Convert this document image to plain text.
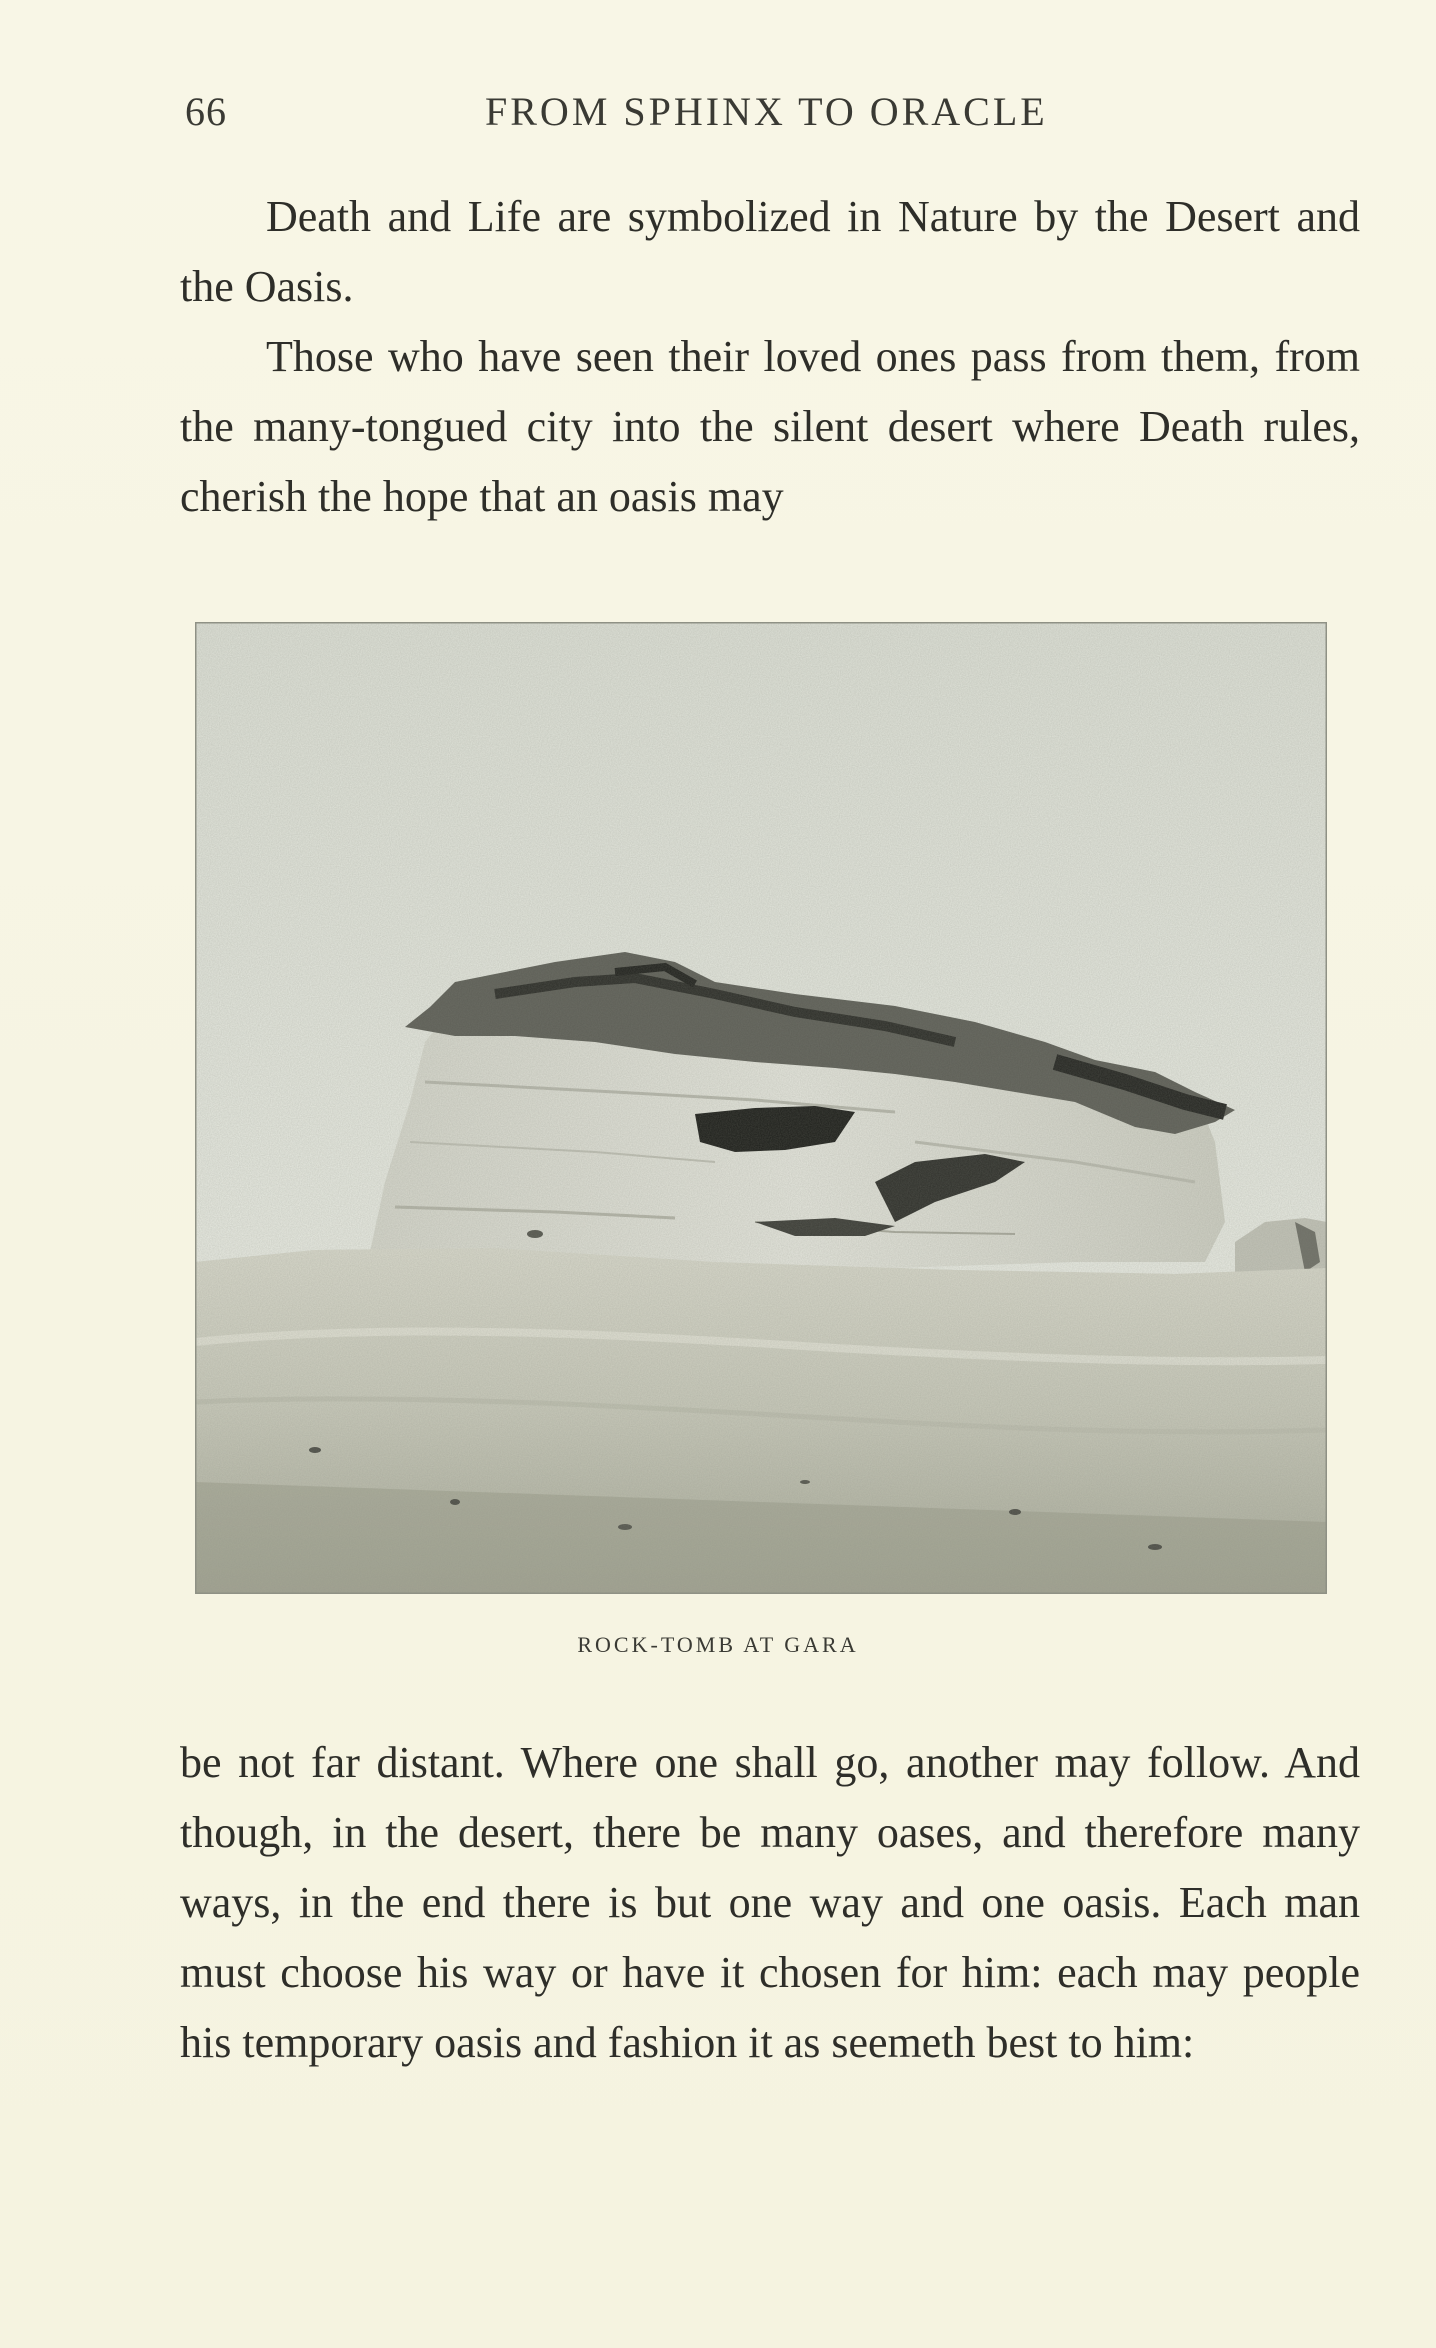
66	FROM SPHINX TO ORACLE

Death and Life are symbolized in Nature by the Desert and the Oasis.

Those who have seen their loved ones pass from them, from the many-tongued city into the silent desert where Death rules, cherish the hope that an oasis may

ROCK-TOMB AT GARA

be not far distant. Where one shall go, another may follow. And though, in the desert, there be many oases, and therefore many ways, in the end there is but one way and one oasis. Each man must choose his way or have it chosen for him: each may people his temporary oasis and fashion it as seemeth best to him:
